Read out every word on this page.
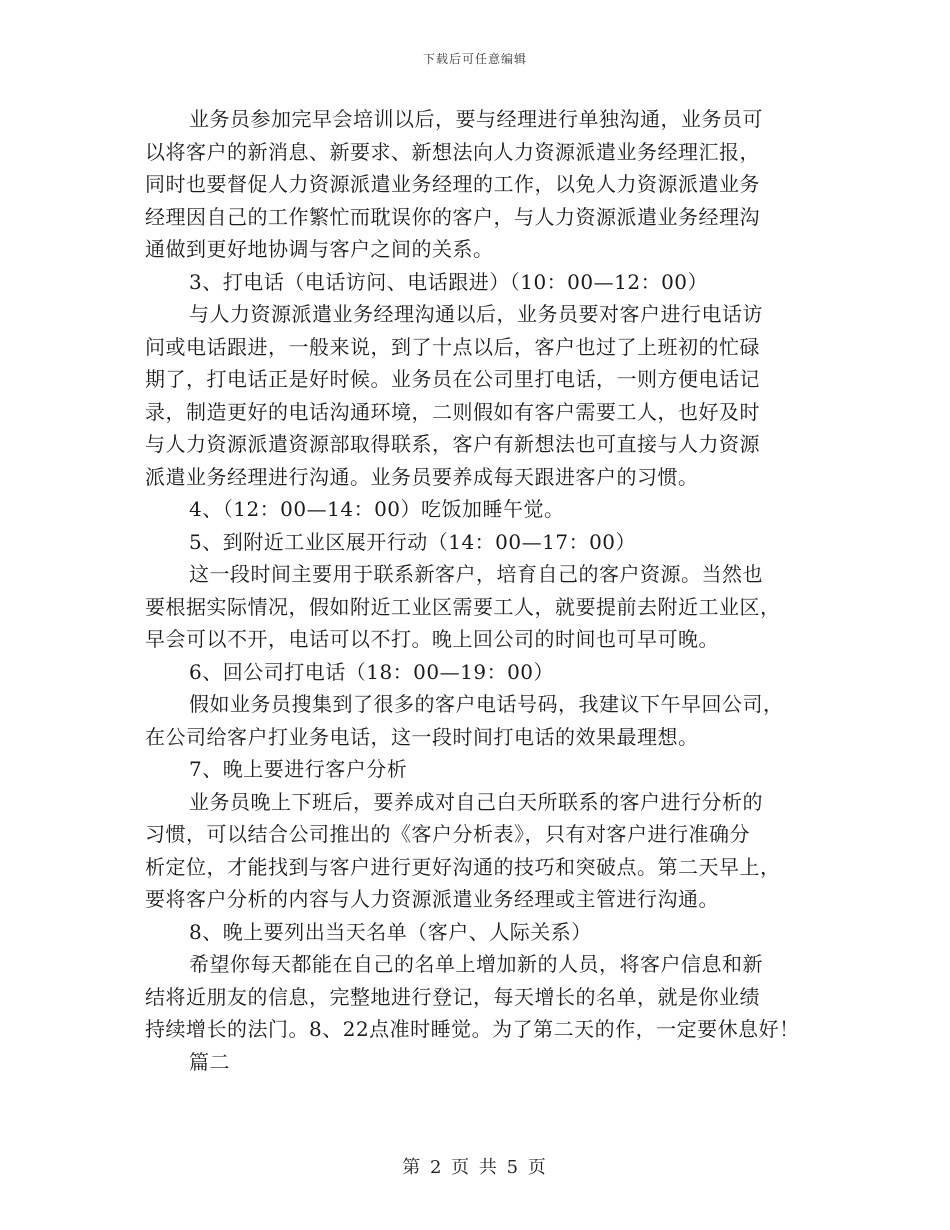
下载后可任意编辑

业务员参加完早会培训以后，要与经理进行单独沟通，业务员可

以将客户的新消息、新要求、新想法向人力资源派遣业务经理汇报，

同时也要督促人力资源派遣业务经理的工作，以免人力资源派遣业务

经理因自己的工作繁忙而耽误你的客户，与人力资源派遣业务经理沟

通做到更好地协调与客户之间的关系。

3、打电话（电话访问、电话跟进）（10：00—12：00）

与人力资源派遣业务经理沟通以后，业务员要对客户进行电话访

问或电话跟进，一般来说，到了十点以后，客户也过了上班初的忙碌

期了，打电话正是好时候。业务员在公司里打电话，一则方便电话记

录，制造更好的电话沟通环境，二则假如有客户需要工人，也好及时

与人力资源派遣资源部取得联系，客户有新想法也可直接与人力资源

派遣业务经理进行沟通。业务员要养成每天跟进客户的习惯。

4、（12：00—14：00）吃饭加睡午觉。

5、到附近工业区展开行动（14：00—17：00）

这一段时间主要用于联系新客户，培育自己的客户资源。当然也

要根据实际情况，假如附近工业区需要工人，就要提前去附近工业区，

早会可以不开，电话可以不打。晚上回公司的时间也可早可晚。

6、回公司打电话（18：00—19：00）

假如业务员搜集到了很多的客户电话号码，我建议下午早回公司，

在公司给客户打业务电话，这一段时间打电话的效果最理想。

7、晚上要进行客户分析

业务员晚上下班后，要养成对自己白天所联系的客户进行分析的

习惯，可以结合公司推出的《客户分析表》，只有对客户进行准确分

析定位，才能找到与客户进行更好沟通的技巧和突破点。第二天早上，

要将客户分析的内容与人力资源派遣业务经理或主管进行沟通。

8、晚上要列出当天名单（客户、人际关系）

希望你每天都能在自己的名单上增加新的人员，将客户信息和新

结将近朋友的信息，完整地进行登记，每天增长的名单，就是你业绩

持续增长的法门。8、22点准时睡觉。为了第二天的作，一定要休息好！

篇二

第 2 页 共 5 页
